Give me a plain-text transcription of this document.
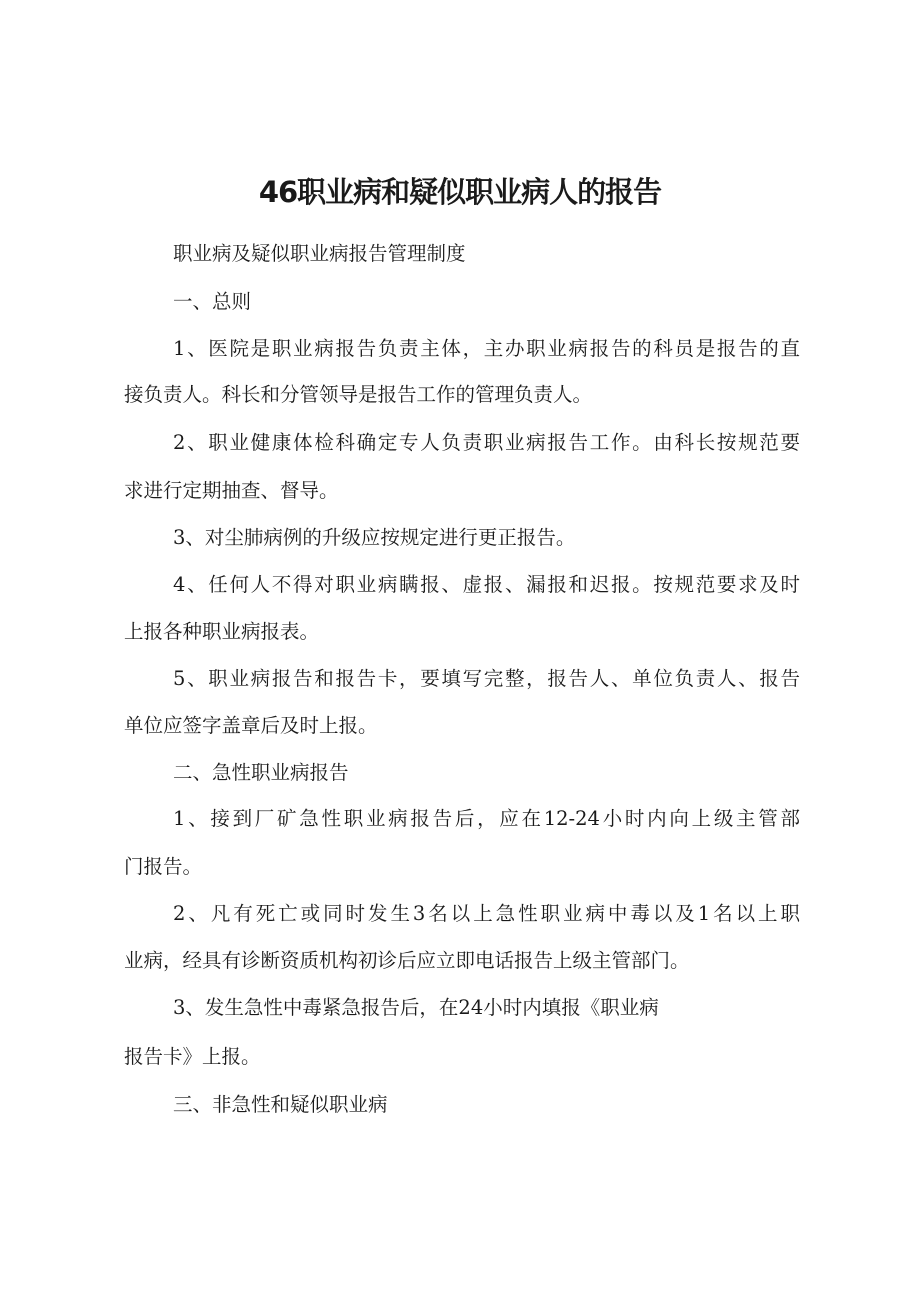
46职业病和疑似职业病人的报告

职业病及疑似职业病报告管理制度

一、总则

1、医院是职业病报告负责主体，主办职业病报告的科员是报告的直

接负责人。科长和分管领导是报告工作的管理负责人。

2、职业健康体检科确定专人负责职业病报告工作。由科长按规范要

求进行定期抽查、督导。

3、对尘肺病例的升级应按规定进行更正报告。

4、任何人不得对职业病瞒报、虚报、漏报和迟报。按规范要求及时

上报各种职业病报表。

5、职业病报告和报告卡，要填写完整，报告人、单位负责人、报告

单位应签字盖章后及时上报。

二、急性职业病报告

1、接到厂矿急性职业病报告后，应在12-24小时内向上级主管部

门报告。

2、凡有死亡或同时发生3名以上急性职业病中毒以及1名以上职

业病，经具有诊断资质机构初诊后应立即电话报告上级主管部门。

3、发生急性中毒紧急报告后，在24小时内填报《职业病

报告卡》上报。

三、非急性和疑似职业病
